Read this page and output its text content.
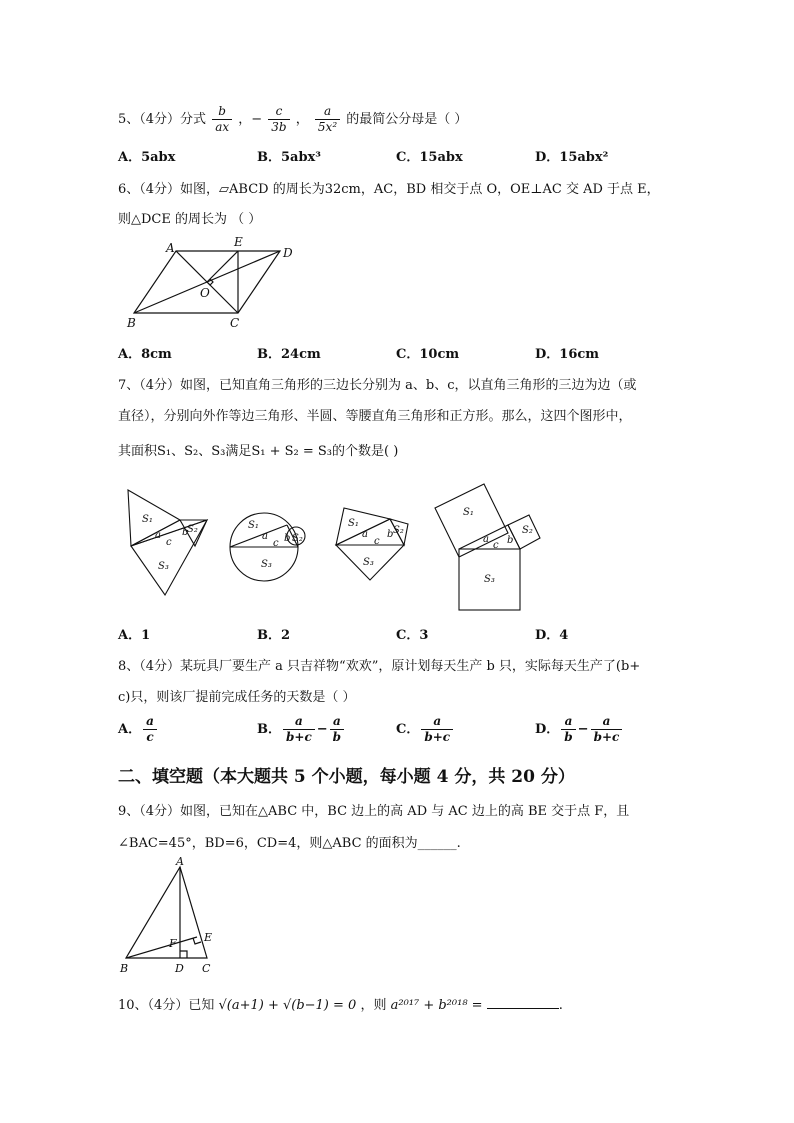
5、（4分）分式 $\frac{b}{ax}$ ，− $\frac{c}{3b}$ ， $\frac{a}{\text{5x²}}$ 的最简公分母是（ ）
A．5abx	B．5abx³	C．15abx	D．15abx²
6、（4分）如图，▱ABCD 的周长为32cm，AC，BD 相交于点 O，OE⊥AC 交 AD 于点 E，
则△DCE 的周长为 （ ）
A	E
D
O
B	C
A．8cm	B．24cm	C．10cm	D．16cm
7、（4分）如图，已知直角三角形的三边长分别为 a、b、c，以直角三角形的三边为边（或
直径），分别向外作等边三角形、半圆、等腰直角三角形和正方形。那么，这四个图形中，
其面积S₁、S₂、S₃满足S₁ + S₂ = S₃的个数是( )
S₁
S₂
S₃
a b
c
S₁
S₂
S₃
a b
c
S₁
S₂
S₃
a b
c
S₁
S₂
S₃
a b
c
A．1	B．2	C．3	D．4
8、（4分）某玩具厂要生产 a 只吉祥物“欢欢”，原计划每天生产 b 只，实际每天生产了(b+
c)只，则该厂提前完成任务的天数是（ ）
A． $\frac{a}{c}$	B． $\frac{a}{b+c} - \frac{a}{b}$	C． $\frac{a}{b+c}$	D． $\frac{a}{b} - \frac{a}{b+c}$
二、填空题（本大题共 5 个小题，每小题 4 分，共 20 分）
9、（4分）如图，已知在△ABC 中，BC 边上的高 AD 与 AC 边上的高 BE 交于点 F，且
∠BAC=45°，BD=6，CD=4，则△ABC 的面积为______.
A
B	D C
E
F
10、（4分）已知 √(a+1) + √(b−1) = 0 ，则 a²⁰¹⁷ + b²⁰¹⁸ =	.
